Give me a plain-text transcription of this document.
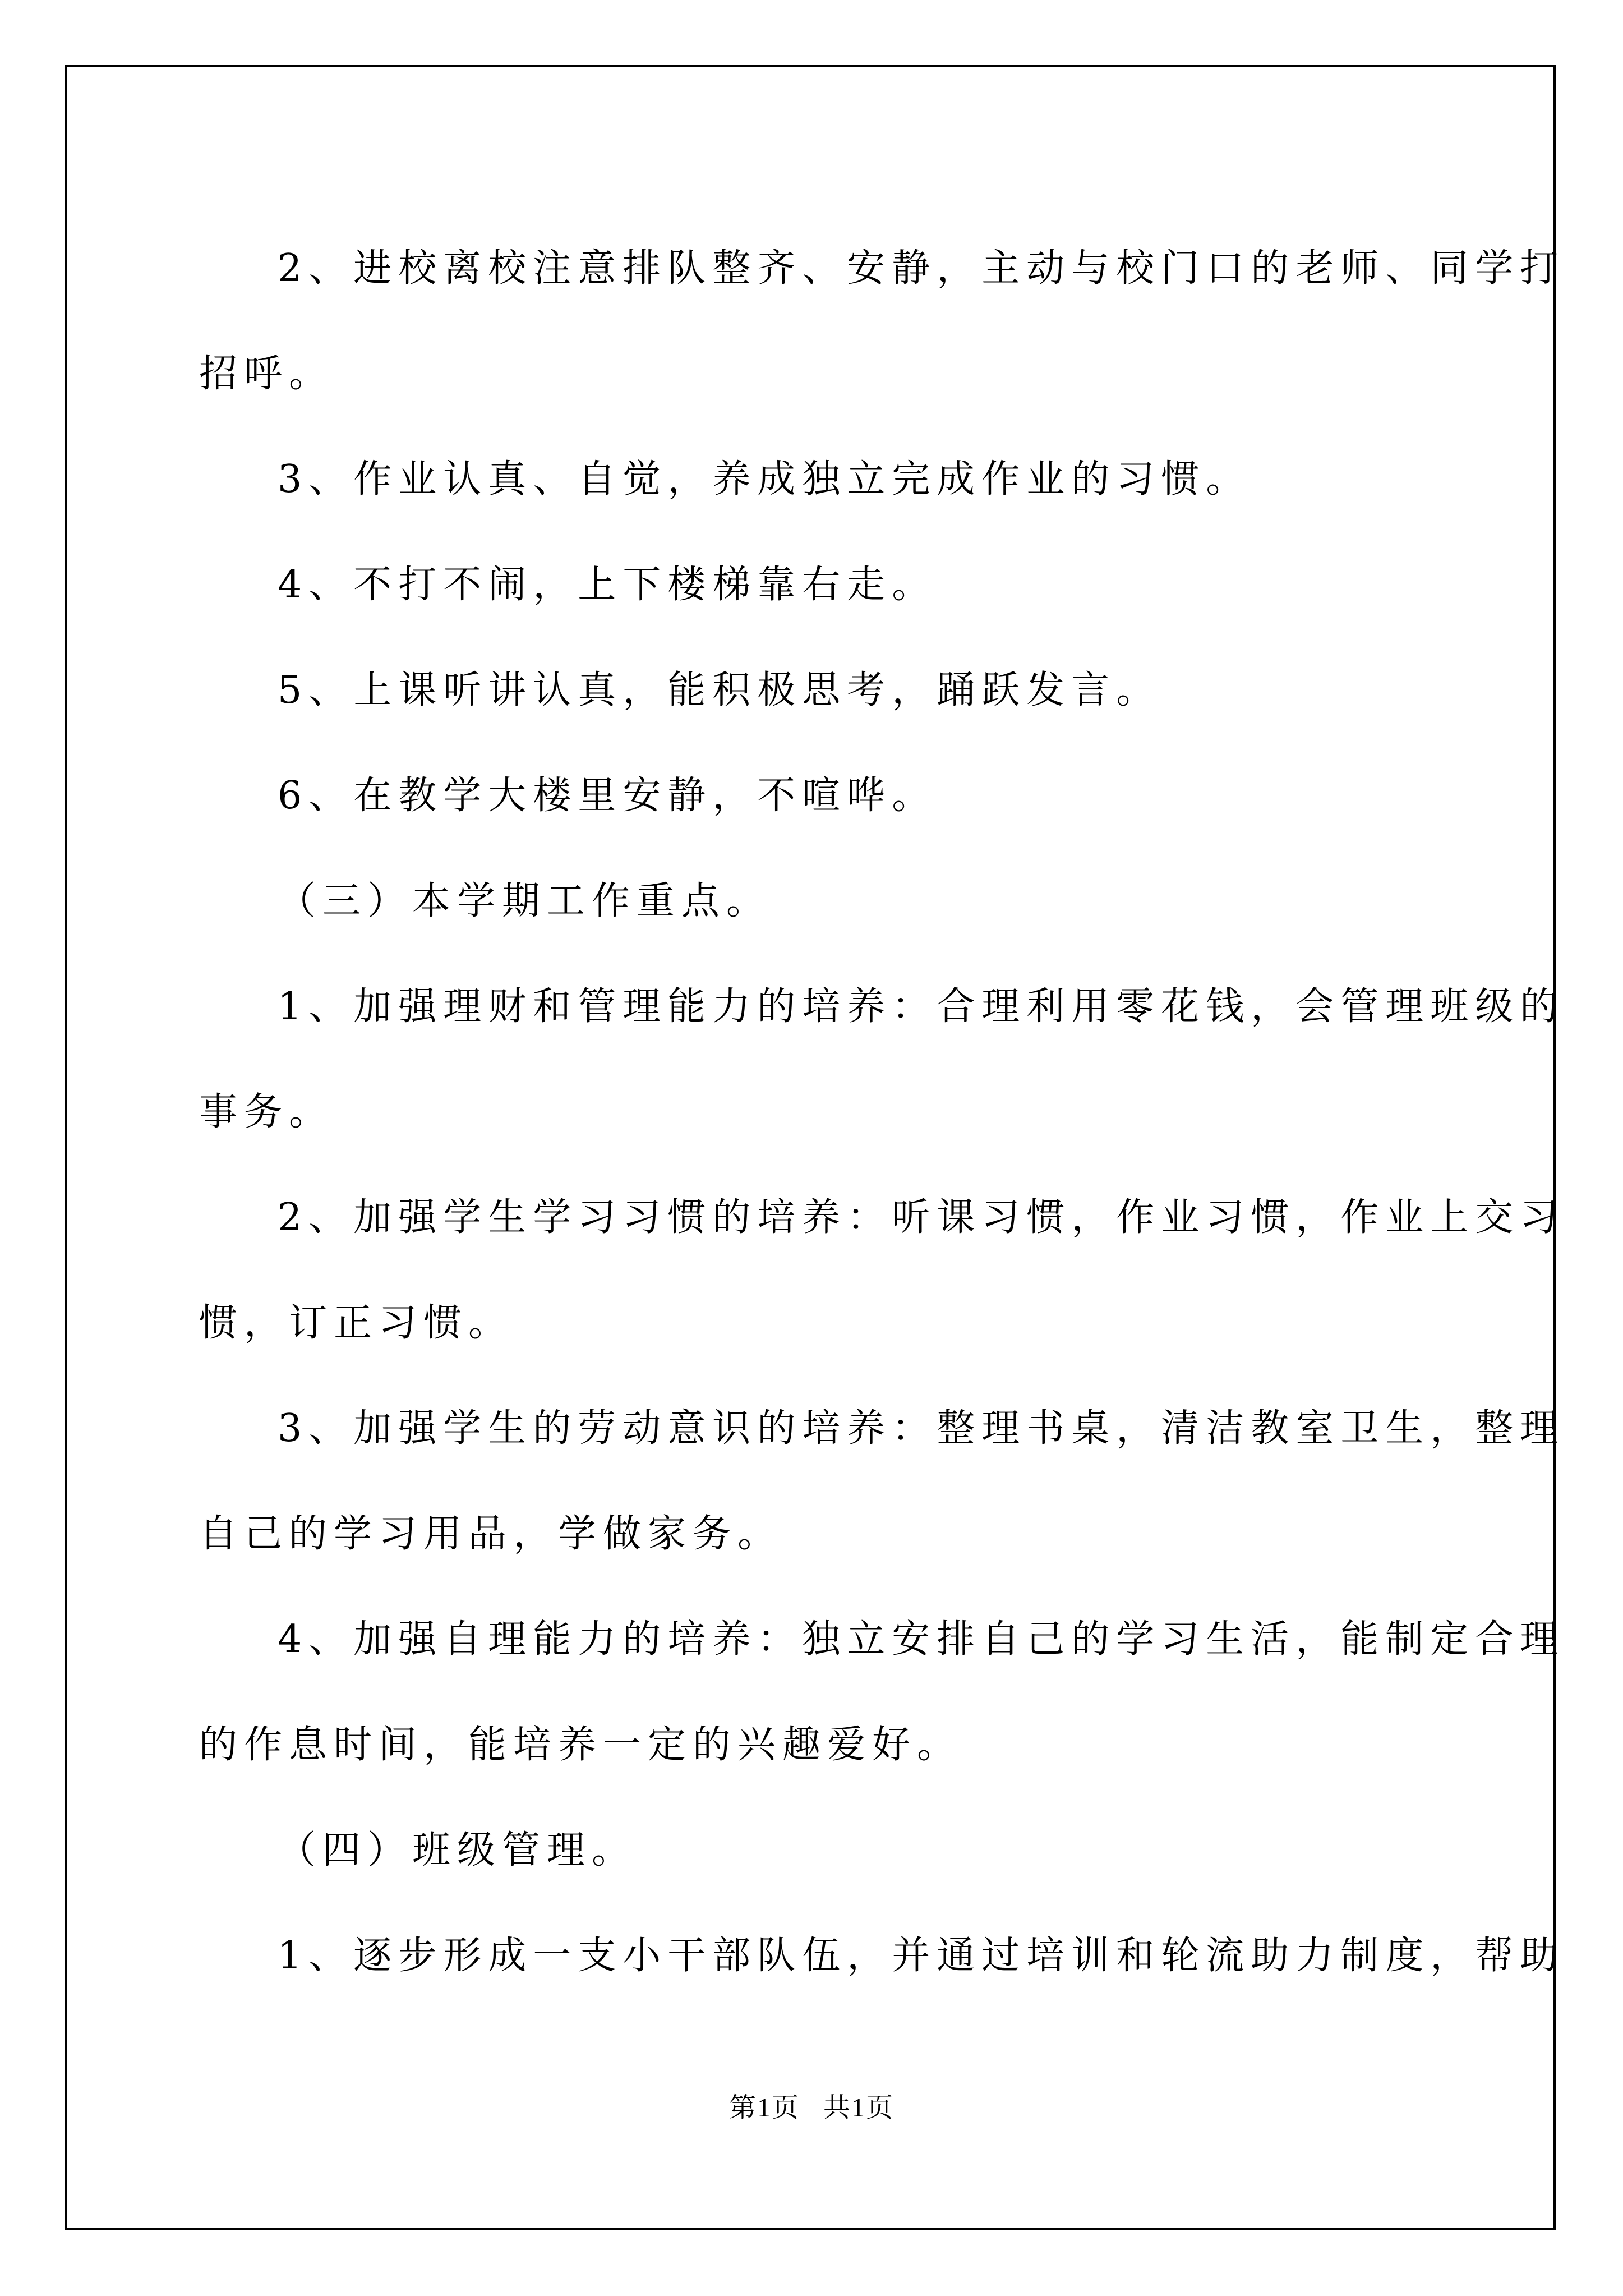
2、进校离校注意排队整齐、安静，主动与校门口的老师、同学打

招呼。

3、作业认真、自觉，养成独立完成作业的习惯。

4、不打不闹，上下楼梯靠右走。

5、上课听讲认真，能积极思考，踊跃发言。

6、在教学大楼里安静，不喧哗。

（三）本学期工作重点。

1、加强理财和管理能力的培养：合理利用零花钱，会管理班级的

事务。

2、加强学生学习习惯的培养：听课习惯，作业习惯，作业上交习

惯，订正习惯。

3、加强学生的劳动意识的培养：整理书桌，清洁教室卫生，整理

自己的学习用品，学做家务。

4、加强自理能力的培养：独立安排自己的学习生活，能制定合理

的作息时间，能培养一定的兴趣爱好。

（四）班级管理。

1、逐步形成一支小干部队伍，并通过培训和轮流助力制度，帮助

第1页 共1页
